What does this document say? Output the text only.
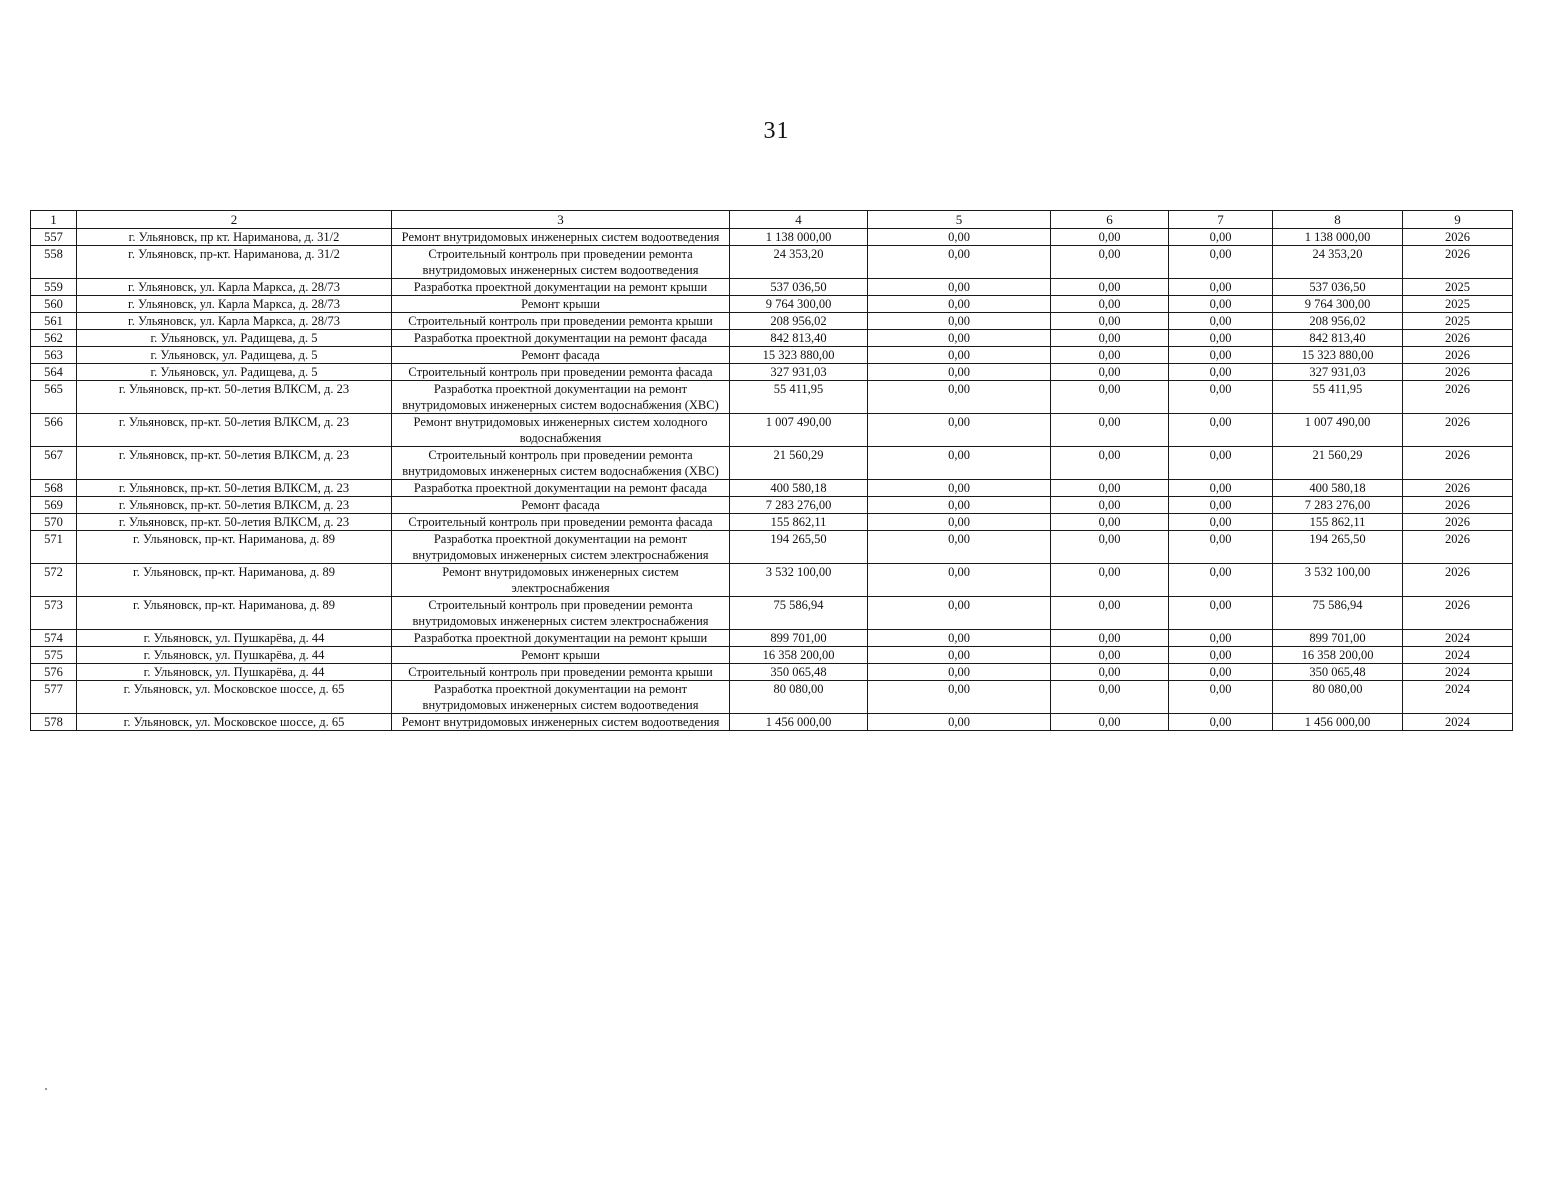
31
1	2	3	4	5	6	7	8	9
557	г. Ульяновск, пр кт. Нариманова, д. 31/2	Ремонт внутридомовых инженерных систем водоотведения	1 138 000,00	0,00	0,00	0,00	1 138 000,00	2026
558	г. Ульяновск, пр-кт. Нариманова, д. 31/2	Строительный контроль при проведении ремонта внутридомовых инженерных систем водоотведения	24 353,20	0,00	0,00	0,00	24 353,20	2026
559	г. Ульяновск, ул. Карла Маркса, д. 28/73	Разработка проектной документации на ремонт крыши	537 036,50	0,00	0,00	0,00	537 036,50	2025
560	г. Ульяновск, ул. Карла Маркса, д. 28/73	Ремонт крыши	9 764 300,00	0,00	0,00	0,00	9 764 300,00	2025
561	г. Ульяновск, ул. Карла Маркса, д. 28/73	Строительный контроль при проведении ремонта крыши	208 956,02	0,00	0,00	0,00	208 956,02	2025
562	г. Ульяновск, ул. Радищева, д. 5	Разработка проектной документации на ремонт фасада	842 813,40	0,00	0,00	0,00	842 813,40	2026
563	г. Ульяновск, ул. Радищева, д. 5	Ремонт фасада	15 323 880,00	0,00	0,00	0,00	15 323 880,00	2026
564	г. Ульяновск, ул. Радищева, д. 5	Строительный контроль при проведении ремонта фасада	327 931,03	0,00	0,00	0,00	327 931,03	2026
565	г. Ульяновск, пр-кт. 50-летия ВЛКСМ, д. 23	Разработка проектной документации на ремонт внутридомовых инженерных систем водоснабжения (ХВС)	55 411,95	0,00	0,00	0,00	55 411,95	2026
566	г. Ульяновск, пр-кт. 50-летия ВЛКСМ, д. 23	Ремонт внутридомовых инженерных систем холодного водоснабжения	1 007 490,00	0,00	0,00	0,00	1 007 490,00	2026
567	г. Ульяновск, пр-кт. 50-летия ВЛКСМ, д. 23	Строительный контроль при проведении ремонта внутридомовых инженерных систем водоснабжения (ХВС)	21 560,29	0,00	0,00	0,00	21 560,29	2026
568	г. Ульяновск, пр-кт. 50-летия ВЛКСМ, д. 23	Разработка проектной документации на ремонт фасада	400 580,18	0,00	0,00	0,00	400 580,18	2026
569	г. Ульяновск, пр-кт. 50-летия ВЛКСМ, д. 23	Ремонт фасада	7 283 276,00	0,00	0,00	0,00	7 283 276,00	2026
570	г. Ульяновск, пр-кт. 50-летия ВЛКСМ, д. 23	Строительный контроль при проведении ремонта фасада	155 862,11	0,00	0,00	0,00	155 862,11	2026
571	г. Ульяновск, пр-кт. Нариманова, д. 89	Разработка проектной документации на ремонт внутридомовых инженерных систем электроснабжения	194 265,50	0,00	0,00	0,00	194 265,50	2026
572	г. Ульяновск, пр-кт. Нариманова, д. 89	Ремонт внутридомовых инженерных систем электроснабжения	3 532 100,00	0,00	0,00	0,00	3 532 100,00	2026
573	г. Ульяновск, пр-кт. Нариманова, д. 89	Строительный контроль при проведении ремонта внутридомовых инженерных систем электроснабжения	75 586,94	0,00	0,00	0,00	75 586,94	2026
574	г. Ульяновск, ул. Пушкарёва, д. 44	Разработка проектной документации на ремонт крыши	899 701,00	0,00	0,00	0,00	899 701,00	2024
575	г. Ульяновск, ул. Пушкарёва, д. 44	Ремонт крыши	16 358 200,00	0,00	0,00	0,00	16 358 200,00	2024
576	г. Ульяновск, ул. Пушкарёва, д. 44	Строительный контроль при проведении ремонта крыши	350 065,48	0,00	0,00	0,00	350 065,48	2024
577	г. Ульяновск, ул. Московское шоссе, д. 65	Разработка проектной документации на ремонт внутридомовых инженерных систем водоотведения	80 080,00	0,00	0,00	0,00	80 080,00	2024
578	г. Ульяновск, ул. Московское шоссе, д. 65	Ремонт внутридомовых инженерных систем водоотведения	1 456 000,00	0,00	0,00	0,00	1 456 000,00	2024
